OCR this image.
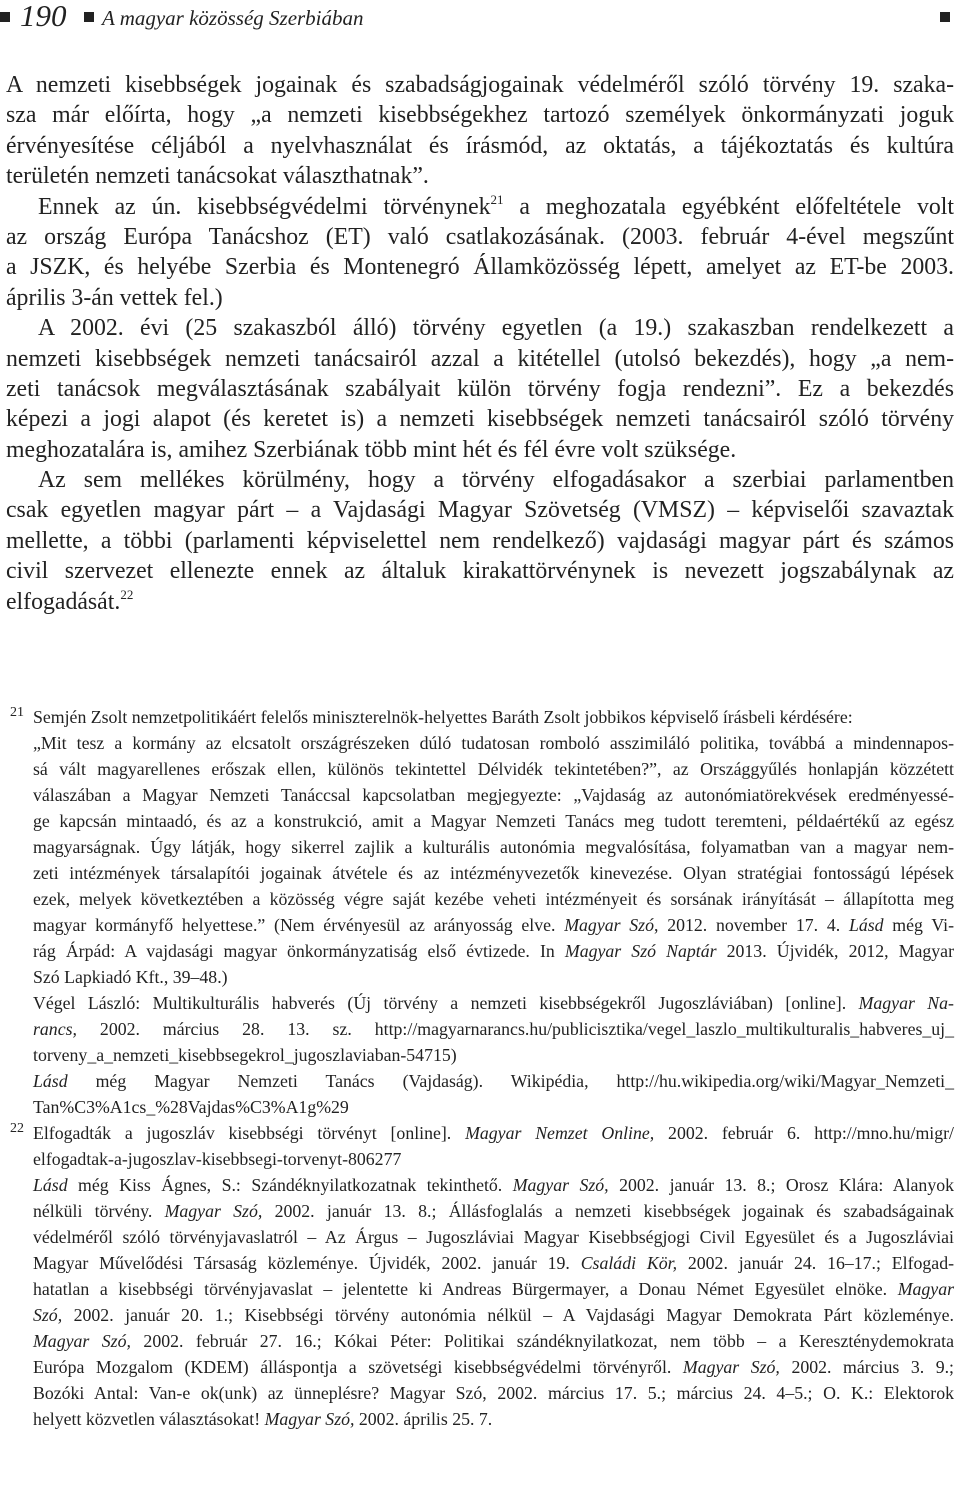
190 A magyar közösség Szerbiában
A nemzeti kisebbségek jogainak és szabadságjogainak védelméről szóló törvény 19. szaka-
sza már előírta, hogy „a nemzeti kisebbségekhez tartozó személyek önkormányzati joguk
érvényesítése céljából a nyelvhasználat és írásmód, az oktatás, a tájékoztatás és kultúra
területén nemzeti tanácsokat választhatnak”.
Ennek az ún. kisebbségvédelmi törvénynek$^{21}$ a meghozatala egyébként előfeltétele volt
az ország Európa Tanácshoz (ET) való csatlakozásának. (2003. február 4-ével megszűnt
a JSZK, és helyébe Szerbia és Montenegró Államközösség lépett, amelyet az ET-be 2003.
április 3-án vettek fel.)
A 2002. évi (25 szakaszból álló) törvény egyetlen (a 19.) szakaszban rendelkezett a
nemzeti kisebbségek nemzeti tanácsairól azzal a kitétellel (utolsó bekezdés), hogy „a nem-
zeti tanácsok megválasztásának szabályait külön törvény fogja rendezni”. Ez a bekezdés
képezi a jogi alapot (és keretet is) a nemzeti kisebbségek nemzeti tanácsairól szóló törvény
meghozatalára is, amihez Szerbiának több mint hét és fél évre volt szüksége.
Az sem mellékes körülmény, hogy a törvény elfogadásakor a szerbiai parlamentben
csak egyetlen magyar párt – a Vajdasági Magyar Szövetség (VMSZ) – képviselői szavaztak
mellette, a többi (parlamenti képviselettel nem rendelkező) vajdasági magyar párt és számos
civil szervezet ellenezte ennek az általuk kirakattörvénynek is nevezett jogszabálynak az
elfogadását.$^{22}$
21 Semjén Zsolt nemzetpolitikáért felelős miniszterelnök-helyettes Baráth Zsolt jobbikos képviselő írásbeli kérdésére:
„Mit tesz a kormány az elcsatolt országrészeken dúló tudatosan romboló asszimiláló politika, továbbá a mindennapos-
sá vált magyarellenes erőszak ellen, különös tekintettel Délvidék tekintetében?”, az Országgyűlés honlapján közzétett
válaszában a Magyar Nemzeti Tanáccsal kapcsolatban megjegyezte: „Vajdaság az autonómiatörekvések eredményessé-
ge kapcsán mintaadó, és az a konstrukció, amit a Magyar Nemzeti Tanács meg tudott teremteni, példaértékű az egész
magyarságnak. Úgy látják, hogy sikerrel zajlik a kulturális autonómia megvalósítása, folyamatban van a magyar nem-
zeti intézmények társalapítói jogainak átvétele és az intézményvezetők kinevezése. Olyan stratégiai fontosságú lépések
ezek, melyek következtében a közösség végre saját kezébe veheti intézményeit és sorsának irányítását – állapította meg
magyar kormányfő helyettese.” (Nem érvényesül az arányosság elve. Magyar Szó, 2012. november 17. 4. Lásd még Vi-
rág Árpád: A vajdasági magyar önkormányzatiság első évtizede. In Magyar Szó Naptár 2013. Újvidék, 2012, Magyar
Szó Lapkiadó Kft., 39–48.)
Végel László: Multikulturális habverés (Új törvény a nemzeti kisebbségekről Jugoszláviában) [online]. Magyar Na-
rancs, 2002. március 28. 13. sz. http://magyarnarancs.hu/publicisztika/vegel_laszlo_multikulturalis_habveres_uj_
torveny_a_nemzeti_kisebbsegekrol_jugoszlaviaban-54715)
Lásd még Magyar Nemzeti Tanács (Vajdaság). Wikipédia, http://hu.wikipedia.org/wiki/Magyar_Nemzeti_
Tan%C3%A1cs_%28Vajdas%C3%A1g%29
22 Elfogadták a jugoszláv kisebbségi törvényt [online]. Magyar Nemzet Online, 2002. február 6. http://mno.hu/migr/
elfogadtak-a-jugoszlav-kisebbsegi-torvenyt-806277
Lásd még Kiss Ágnes, S.: Szándéknyilatkozatnak tekinthető. Magyar Szó, 2002. január 13. 8.; Orosz Klára: Alanyok
nélküli törvény. Magyar Szó, 2002. január 13. 8.; Állásfoglalás a nemzeti kisebbségek jogainak és szabadságainak
védelméről szóló törvényjavaslatról – Az Árgus – Jugoszláviai Magyar Kisebbségjogi Civil Egyesület és a Jugoszláviai
Magyar Művelődési Társaság közleménye. Újvidék, 2002. január 19. Családi Kör, 2002. január 24. 16–17.; Elfogad-
hatatlan a kisebbségi törvényjavaslat – jelentette ki Andreas Bürgermayer, a Donau Német Egyesület elnöke. Magyar
Szó, 2002. január 20. 1.; Kisebbségi törvény autonómia nélkül – A Vajdasági Magyar Demokrata Párt közleménye.
Magyar Szó, 2002. február 27. 16.; Kókai Péter: Politikai szándéknyilatkozat, nem több – a Kereszténydemokrata
Európa Mozgalom (KDEM) álláspontja a szövetségi kisebbségvédelmi törvényről. Magyar Szó, 2002. március 3. 9.;
Bozóki Antal: Van-e ok(unk) az ünneplésre? Magyar Szó, 2002. március 17. 5.; március 24. 4–5.; O. K.: Elektorok
helyett közvetlen választásokat! Magyar Szó, 2002. április 25. 7.
